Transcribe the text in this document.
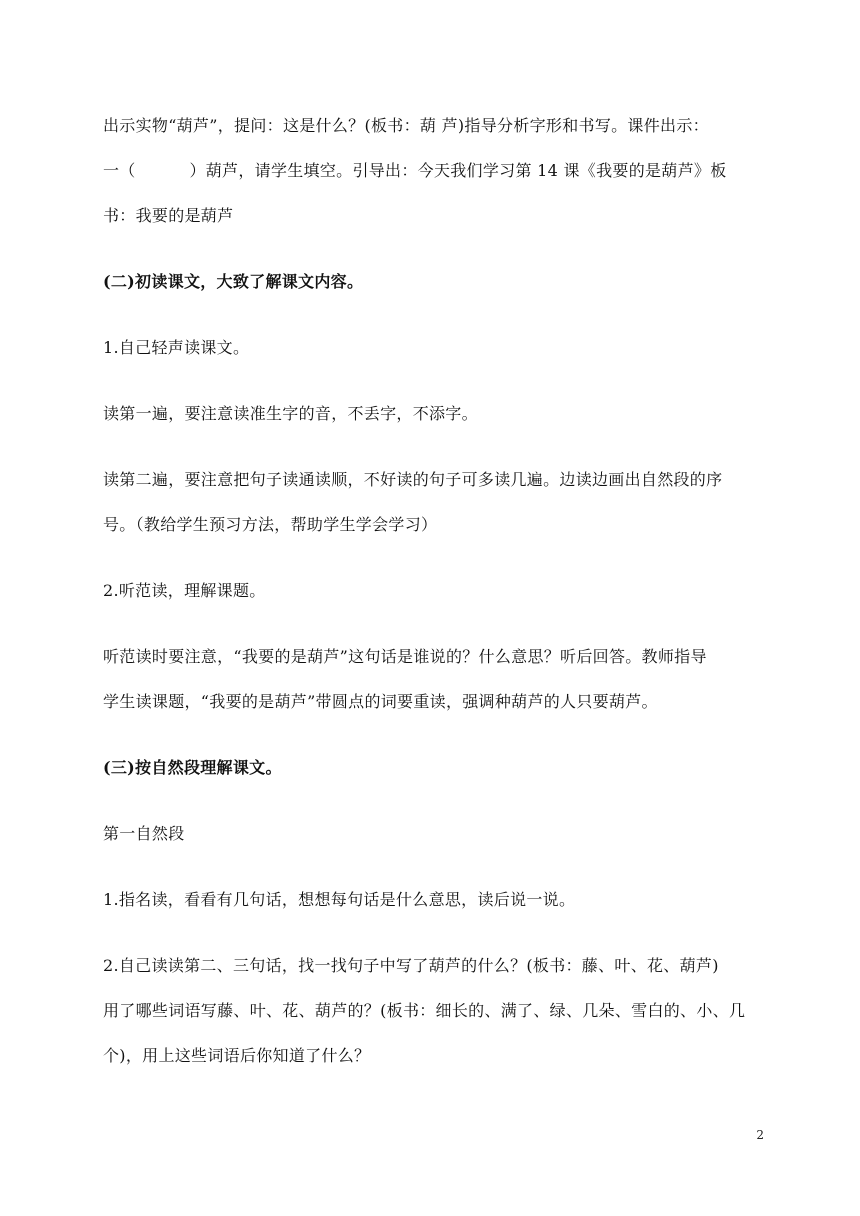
出示实物“葫芦”，提问：这是什么？(板书：葫 芦)指导分析字形和书写。课件出示：
一（          ）葫芦，请学生填空。引导出：今天我们学习第 14 课《我要的是葫芦》板
书：我要的是葫芦
(二)初读课文，大致了解课文内容。
1.自己轻声读课文。
读第一遍，要注意读准生字的音，不丢字，不添字。
读第二遍，要注意把句子读通读顺，不好读的句子可多读几遍。边读边画出自然段的序
号。（教给学生预习方法，帮助学生学会学习）
2.听范读，理解课题。
听范读时要注意，“我要的是葫芦”这句话是谁说的？什么意思？听后回答。教师指导
学生读课题，“我要的是葫芦”带圆点的词要重读，强调种葫芦的人只要葫芦。
(三)按自然段理解课文。
第一自然段
1.指名读，看看有几句话，想想每句话是什么意思，读后说一说。
2.自己读读第二、三句话，找一找句子中写了葫芦的什么？(板书：藤、叶、花、葫芦)
用了哪些词语写藤、叶、花、葫芦的？(板书：细长的、满了、绿、几朵、雪白的、小、几
个)，用上这些词语后你知道了什么？
2
